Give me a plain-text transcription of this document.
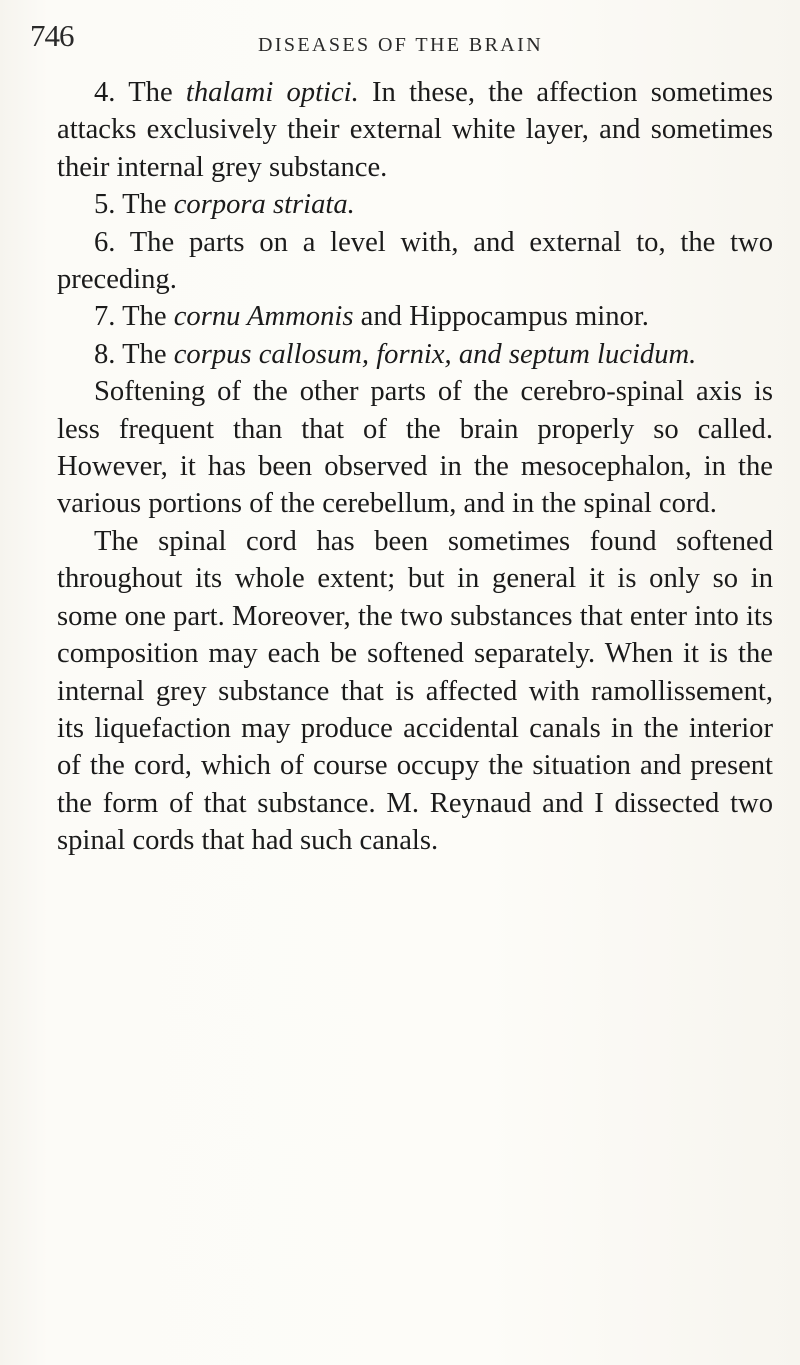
746	DISEASES OF THE BRAIN

4. The thalami optici. In these, the affection sometimes attacks exclusively their external white layer, and sometimes their internal grey substance.

5. The corpora striata.

6. The parts on a level with, and external to, the two preceding.

7. The cornu Ammonis and Hippocampus minor.

8. The corpus callosum, fornix, and septum lucidum.

Softening of the other parts of the cerebro-spinal axis is less frequent than that of the brain properly so called. However, it has been observed in the mesocephalon, in the various portions of the cerebellum, and in the spinal cord.

The spinal cord has been sometimes found softened throughout its whole extent; but in general it is only so in some one part. Moreover, the two substances that enter into its composition may each be softened separately. When it is the internal grey substance that is affected with ramollissement, its liquefaction may produce accidental canals in the interior of the cord, which of course occupy the situation and present the form of that substance. M. Reynaud and I dissected two spinal cords that had such canals.
